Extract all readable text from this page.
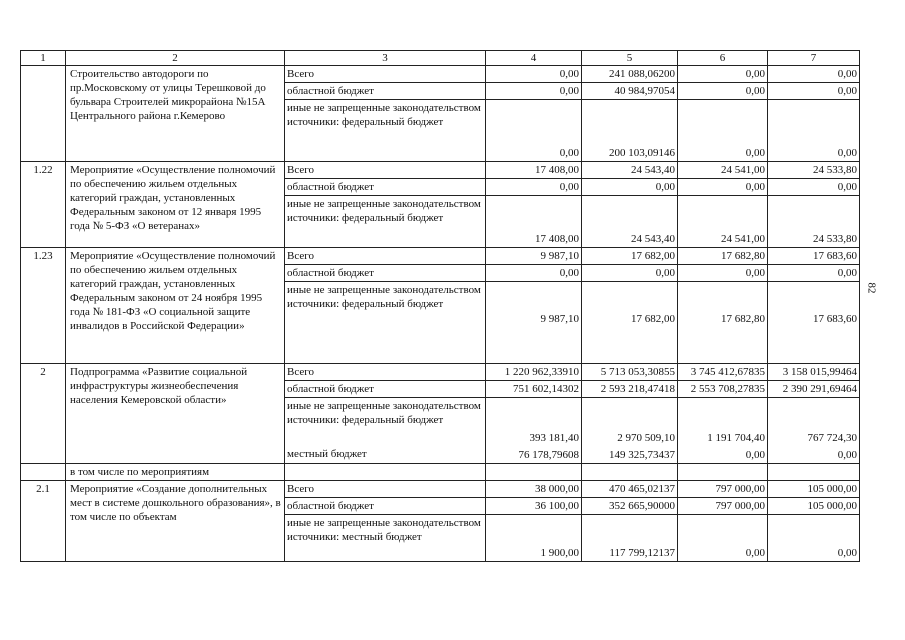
1	2	3	4	5	6	7
	Строительство автодороги по пр.Московскому от улицы Терешковой до бульвара Строителей микрорайона №15А Центрального района г.Кемерово	Всего	0,00	241 088,06200	0,00	0,00
		областной бюджет	0,00	40 984,97054	0,00	0,00
		иные не запрещенные законодательством источники: федеральный бюджет	0,00	200 103,09146	0,00	0,00
1.22	Мероприятие «Осуществление полномочий по обеспечению жильем отдельных категорий граждан, установленных Федеральным законом от 12 января 1995 года № 5-ФЗ «О ветеранах»	Всего	17 408,00	24 543,40	24 541,00	24 533,80
		областной бюджет	0,00	0,00	0,00	0,00
		иные не запрещенные законодательством источники: федеральный бюджет	17 408,00	24 543,40	24 541,00	24 533,80
1.23	Мероприятие «Осуществление полномочий по обеспечению жильем отдельных категорий граждан, установленных Федеральным законом от 24 ноября 1995 года № 181-ФЗ «О социальной защите инвалидов в Российской Федерации»	Всего	9 987,10	17 682,00	17 682,80	17 683,60
		областной бюджет	0,00	0,00	0,00	0,00
		иные не запрещенные законодательством источники: федеральный бюджет	9 987,10	17 682,00	17 682,80	17 683,60
2	Подпрограмма «Развитие социальной инфраструктуры жизнеобеспечения населения Кемеровской области»	Всего	1 220 962,33910	5 713 053,30855	3 745 412,67835	3 158 015,99464
		областной бюджет	751 602,14302	2 593 218,47418	2 553 708,27835	2 390 291,69464
		иные не запрещенные законодательством источники: федеральный бюджет	393 181,40	2 970 509,10	1 191 704,40	767 724,30
		местный бюджет	76 178,79608	149 325,73437	0,00	0,00
	в том числе по мероприятиям					
2.1	Мероприятие «Создание дополнительных мест в системе дошкольного образования», в том числе по объектам	Всего	38 000,00	470 465,02137	797 000,00	105 000,00
		областной бюджет	36 100,00	352 665,90000	797 000,00	105 000,00
		иные не запрещенные законодательством источники: местный бюджет	1 900,00	117 799,12137	0,00	0,00
82
